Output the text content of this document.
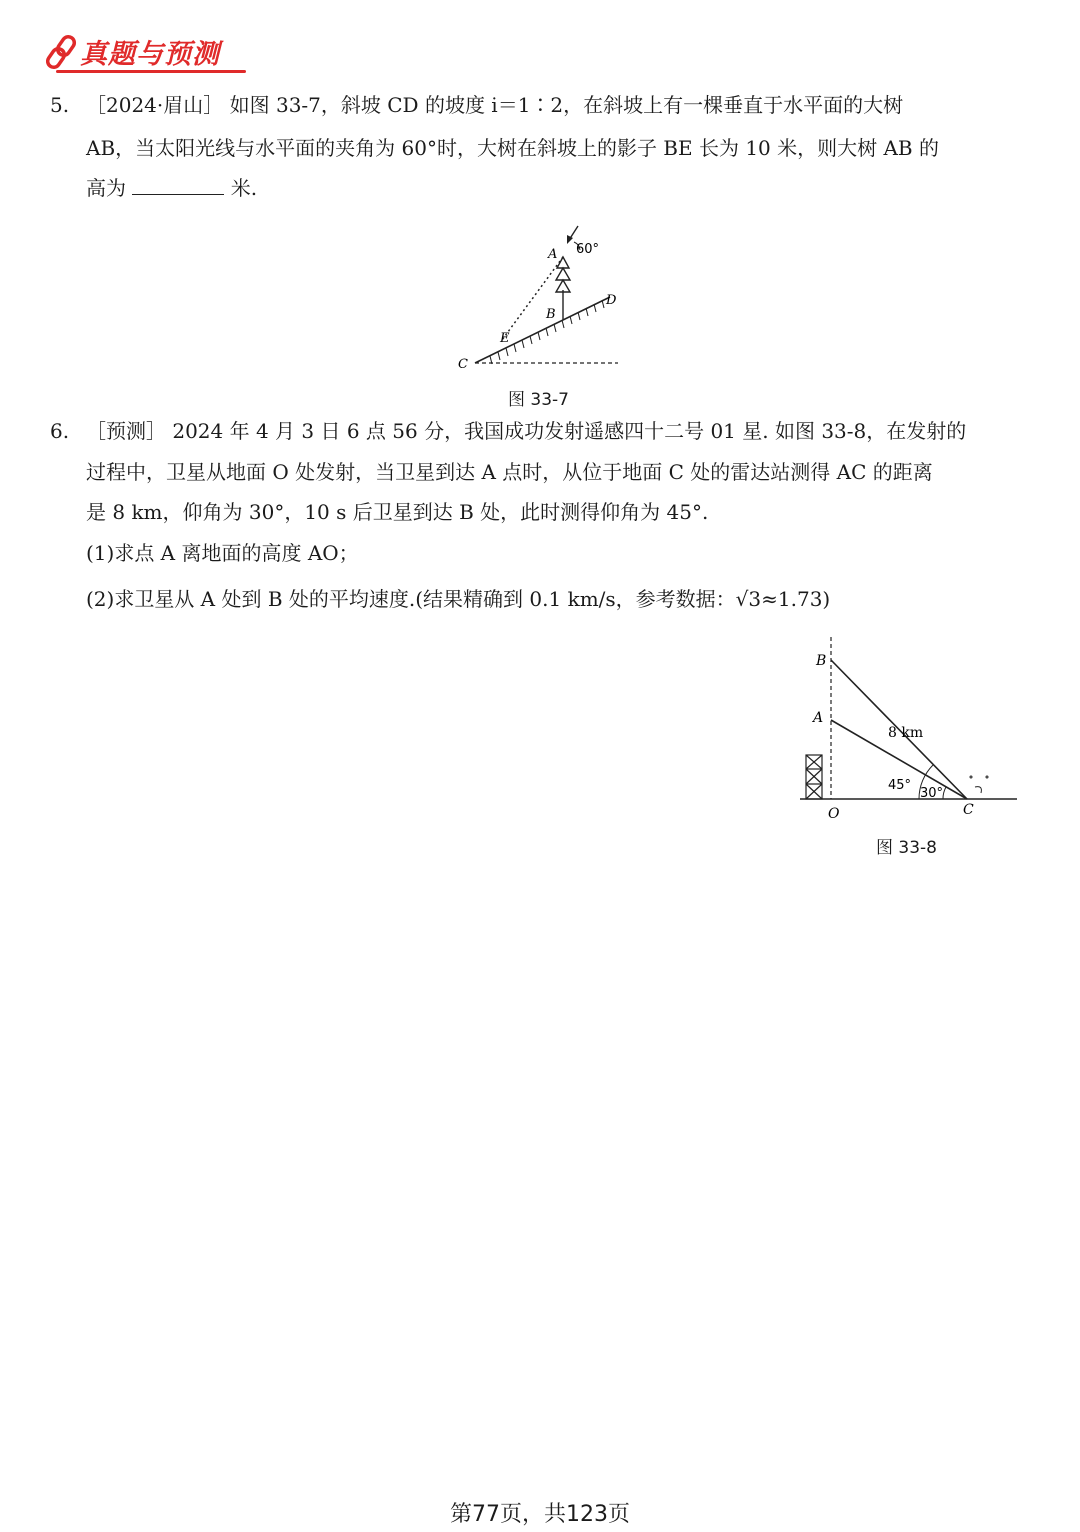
真题与预测
5. ［2024·眉山］ 如图 33-7，斜坡 CD 的坡度 i＝1∶2，在斜坡上有一棵垂直于水平面的大树
AB，当太阳光线与水平面的夹角为 60°时，大树在斜坡上的影子 BE 长为 10 米，则大树 AB 的
高为	米.
60°
A
B
C
D
E
图 33-7
6. ［预测］ 2024 年 4 月 3 日 6 点 56 分，我国成功发射遥感四十二号 01 星. 如图 33-8，在发射的
过程中，卫星从地面 O 处发射，当卫星到达 A 点时，从位于地面 C 处的雷达站测得 AC 的距离
是 8 km，仰角为 30°，10 s 后卫星到达 B 处，此时测得仰角为 45°.
(1)求点 A 离地面的高度 AO；
(2)求卫星从 A 处到 B 处的平均速度.(结果精确到 0.1 km/s，参考数据：√3≈1.73)
8 km
45°
30°
B
A
O	C
图 33-8
第77页，共123页
